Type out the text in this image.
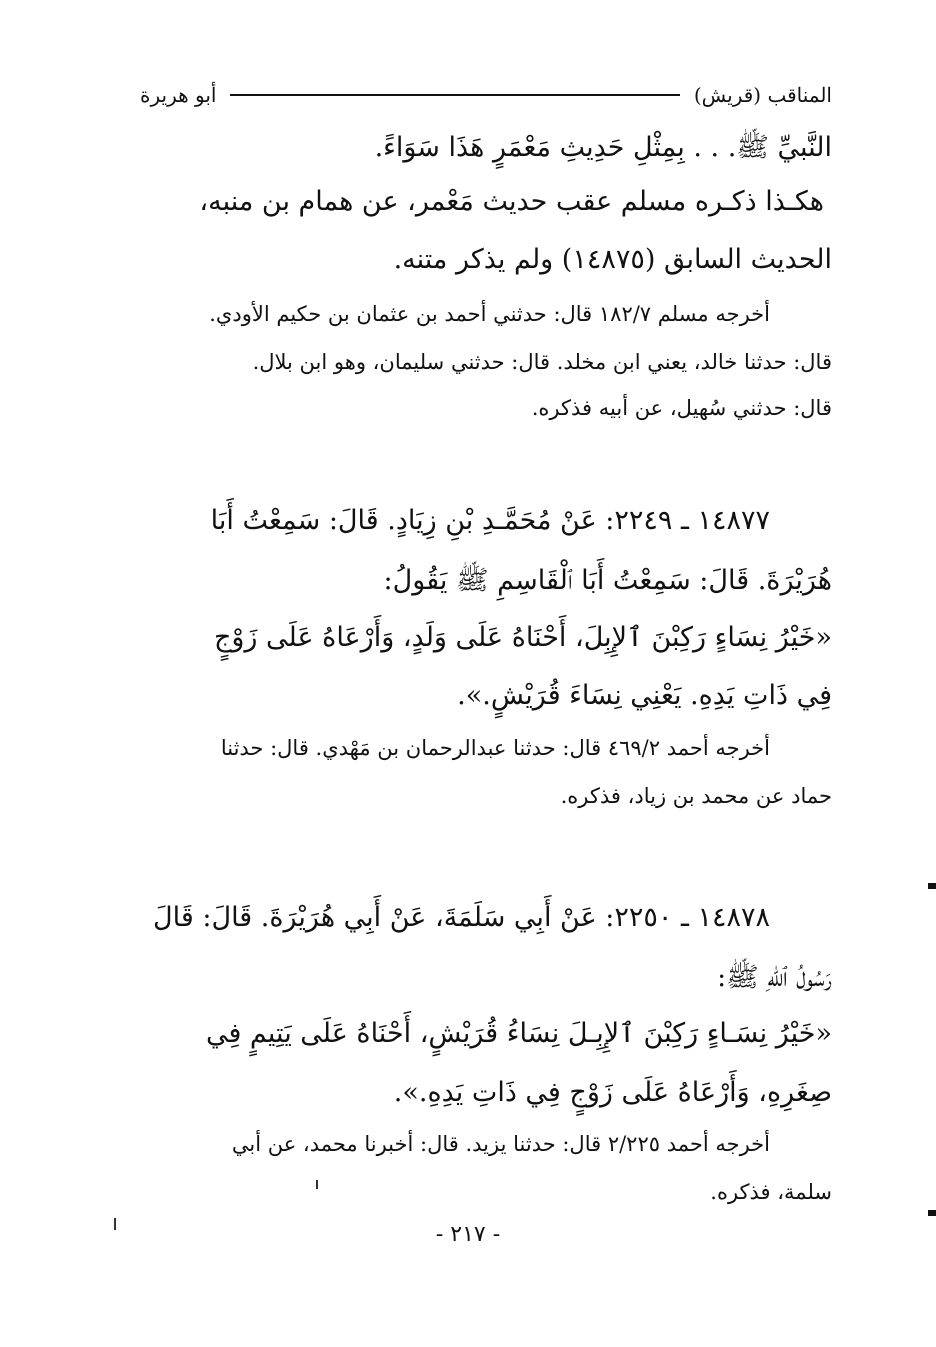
المناقب (قريش)
أبو هريرة
النَّبيِّ ﷺ. . . بِمِثْلِ حَدِيثِ مَعْمَرٍ هَذَا سَوَاءً.
هكـذا ذكـره مسلم عقب حديث مَعْمر، عن همام بن منبه،
الحديث السابق (١٤٨٧٥) ولم يذكر متنه.
أخرجه مسلم ١٨٢/٧ قال: حدثني أحمد بن عثمان بن حكيم الأودي.
قال: حدثنا خالد، يعني ابن مخلد. قال: حدثني سليمان، وهو ابن بلال.
قال: حدثني سُهيل، عن أبيه فذكره.
١٤٨٧٧ ـ ٢٢٤٩: عَنْ مُحَمَّـدِ بْنِ زِيَادٍ. قَالَ: سَمِعْتُ أَبَا
هُرَيْرَةَ. قَالَ: سَمِعْتُ أَبَا ٱلْقَاسِمِ ﷺ يَقُولُ:
«خَيْرُ نِسَاءٍ رَكِبْنَ ٱلإِبِلَ، أَحْنَاهُ عَلَى وَلَدٍ، وَأَرْعَاهُ عَلَى زَوْجٍ
فِي ذَاتِ يَدِهِ. يَعْنِي نِسَاءَ قُرَيْشٍ.».
أخرجه أحمد ٤٦٩/٢ قال: حدثنا عبدالرحمان بن مَهْدي. قال: حدثنا
حماد عن محمد بن زياد، فذكره.
١٤٨٧٨ ـ ٢٢٥٠: عَنْ أَبِي سَلَمَةَ، عَنْ أَبِي هُرَيْرَةَ. قَالَ: قَالَ
رَسُولُ ٱللهِ ﷺ:
«خَيْرُ نِسَـاءٍ رَكِبْنَ ٱلإِبِـلَ نِسَاءُ قُرَيْشٍ، أَحْنَاهُ عَلَى يَتِيمٍ فِي
صِغَرِهِ، وَأَرْعَاهُ عَلَى زَوْجٍ فِي ذَاتِ يَدِهِ.».
أخرجه أحمد ٢/٢٢٥ قال: حدثنا يزيد. قال: أخبرنا محمد، عن أبي
سلمة، فذكره.
- ٢١٧ -
